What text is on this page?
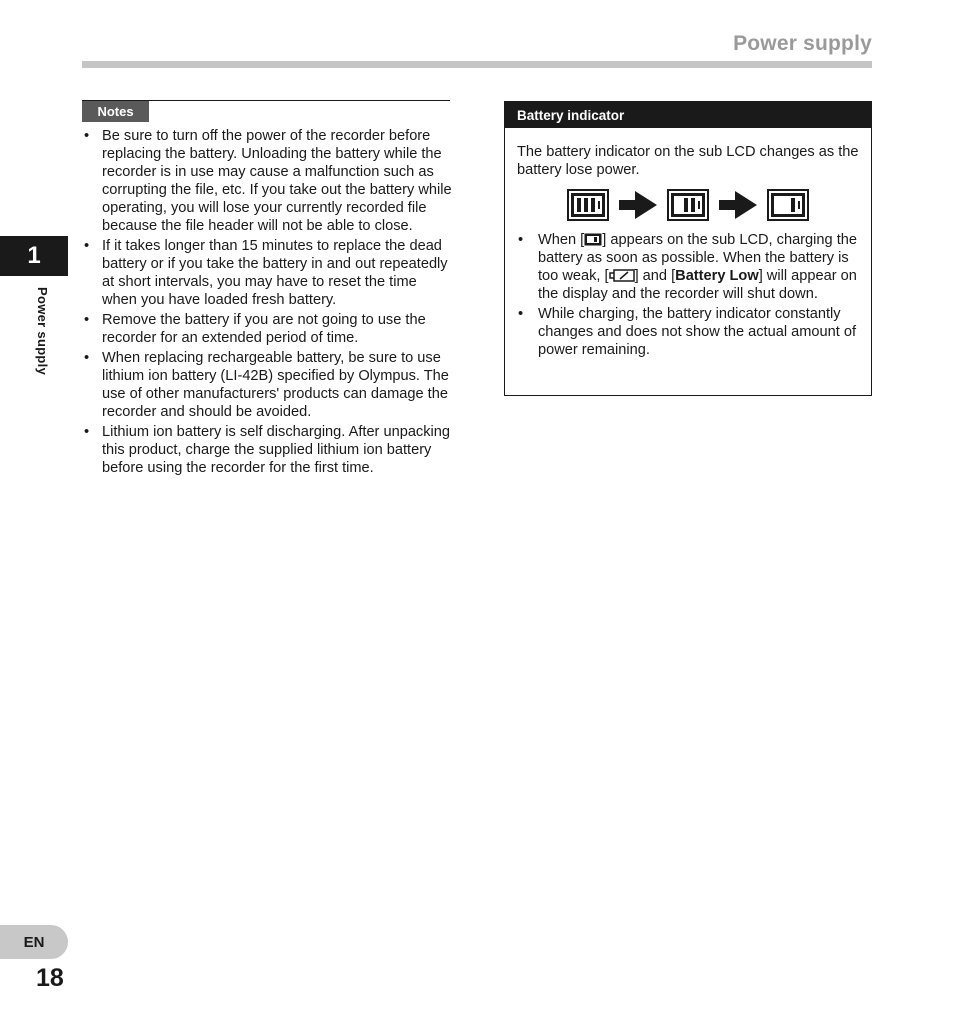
Power supply
1
Power supply
Notes
• Be sure to turn off the power of the recorder before replacing the battery. Unloading the battery while the recorder is in use may cause a malfunction such as corrupting the file, etc. If you take out the battery while operating, you will lose your currently recorded file because the file header will not be able to close.
• If it takes longer than 15 minutes to replace the dead battery or if you take the battery in and out repeatedly at short intervals, you may have to reset the time when you have loaded fresh battery.
• Remove the battery if you are not going to use the recorder for an extended period of time.
• When replacing rechargeable battery, be sure to use lithium ion battery (LI-42B) specified by Olympus. The use of other manufacturers' products can damage the recorder and should be avoided.
• Lithium ion battery is self discharging. After unpacking this product, charge the supplied lithium ion battery before using the recorder for the first time.
Battery indicator
The battery indicator on the sub LCD changes as the battery lose power.
• When [ ] appears on the sub LCD, charging the battery as soon as possible. When the battery is too weak, [ ] and [Battery Low] will appear on the display and the recorder will shut down.
• While charging, the battery indicator constantly changes and does not show the actual amount of power remaining.
EN
18
